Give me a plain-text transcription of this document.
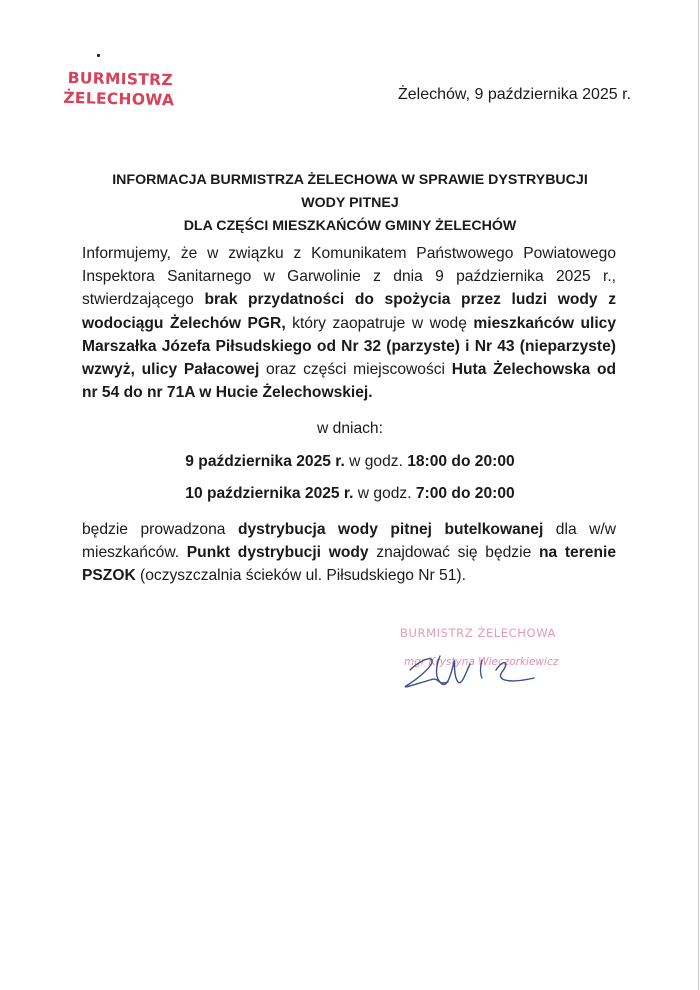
BURMISTRZ
ŻELECHOWA	Żelechów, 9 października 2025 r.
INFORMACJA BURMISTRZA ŻELECHOWA W SPRAWIE DYSTRYBUCJI
WODY PITNEJ
DLA CZĘŚCI MIESZKAŃCÓW GMINY ŻELECHÓW
Informujemy, że w związku z Komunikatem Państwowego Powiatowego Inspektora Sanitarnego w Garwolinie z dnia 9 października 2025 r., stwierdzającego brak przydatności do spożycia przez ludzi wody z wodociągu Żelechów PGR, który zaopatruje w wodę mieszkańców ulicy Marszałka Józefa Piłsudskiego od Nr 32 (parzyste) i Nr 43 (nieparzyste) wzwyż, ulicy Pałacowej oraz części miejscowości Huta Żelechowska od nr 54 do nr 71A w Hucie Żelechowskiej.
w dniach:
9 października 2025 r. w godz. 18:00 do 20:00
10 października 2025 r. w godz. 7:00 do 20:00
będzie prowadzona dystrybucja wody pitnej butelkowanej dla w/w mieszkańców. Punkt dystrybucji wody znajdować się będzie na terenie PSZOK (oczyszczalnia ścieków ul. Piłsudskiego Nr 51).
BURMISTRZ ŻELECHOWA
mgr Krystyna Wieczorkiewicz
